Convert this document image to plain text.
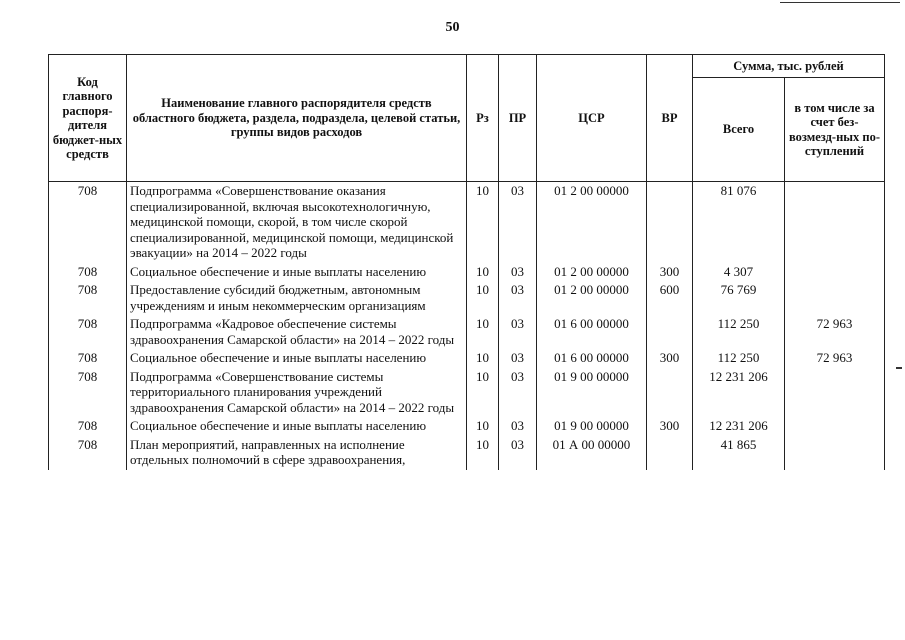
50
Код главного распоря-дителя бюджет-ных средств	Наименование главного распорядителя средств областного бюджета, раздела, подраздела, целевой статьи, группы видов расходов	Рз	ПР	ЦСР	ВР	Сумма, тыс. рублей	
						Всего	в том числе за счет без-возмезд-ных по-ступлений
708	Подпрограмма «Совершенствование оказания специализированной, включая высокотехнологичную, медицинской помощи, скорой, в том числе скорой специализированной, медицинской помощи, медицинской эвакуации» на 2014 – 2022 годы	10	03	01 2 00 00000		81 076	
708	Социальное обеспечение и иные выплаты населению	10	03	01 2 00 00000	300	4 307	
708	Предоставление субсидий бюджетным, автономным учреждениям и иным некоммерческим организациям	10	03	01 2 00 00000	600	76 769	
708	Подпрограмма «Кадровое обеспечение системы здравоохранения Самарской области» на 2014 – 2022 годы	10	03	01 6 00 00000		112 250	72 963
708	Социальное обеспечение и иные выплаты населению	10	03	01 6 00 00000	300	112 250	72 963
708	Подпрограмма «Совершенствование системы территориального планирования учреждений здравоохранения Самарской области» на 2014 – 2022 годы	10	03	01 9 00 00000		12 231 206	
708	Социальное обеспечение и иные выплаты населению	10	03	01 9 00 00000	300	12 231 206	
708	План мероприятий, направленных на исполнение отдельных полномочий в сфере здравоохранения,	10	03	01 А 00 00000		41 865	
